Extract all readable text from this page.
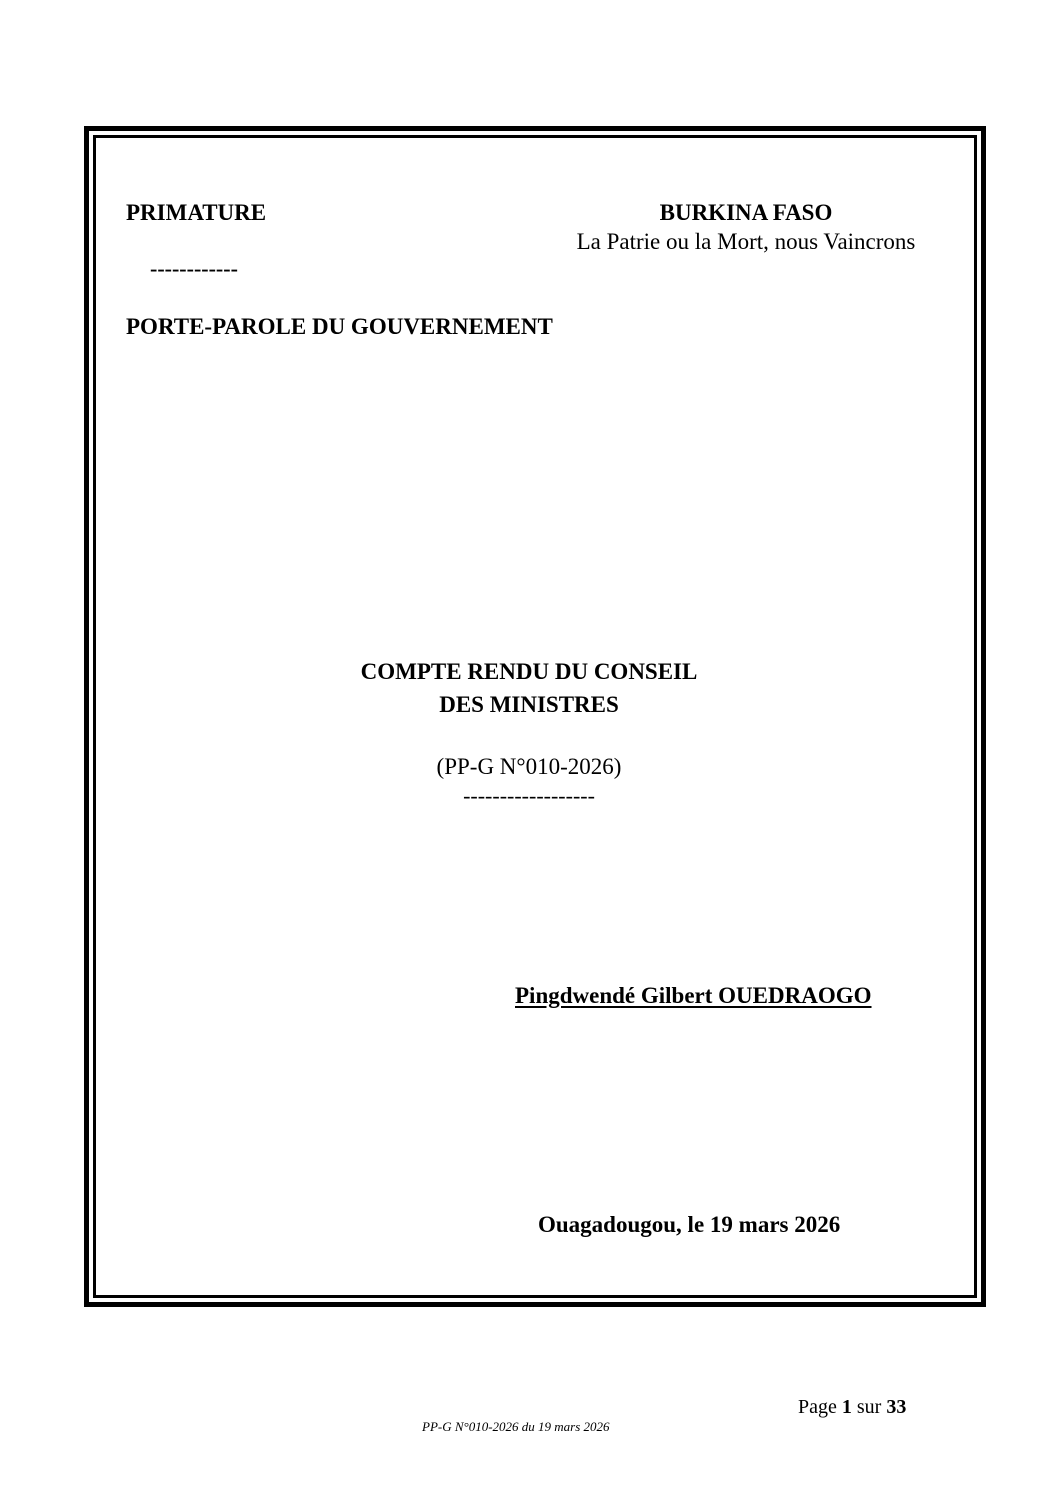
PRIMATURE
------------
PORTE-PAROLE DU GOUVERNEMENT
BURKINA FASO
La Patrie ou la Mort, nous Vaincrons
COMPTE RENDU DU CONSEIL
DES MINISTRES
(PP-G N°010-2026)
------------------
Pingdwendé Gilbert OUEDRAOGO
Ouagadougou, le 19 mars 2026
Page 1 sur 33
PP-G N°010-2026 du 19 mars 2026
